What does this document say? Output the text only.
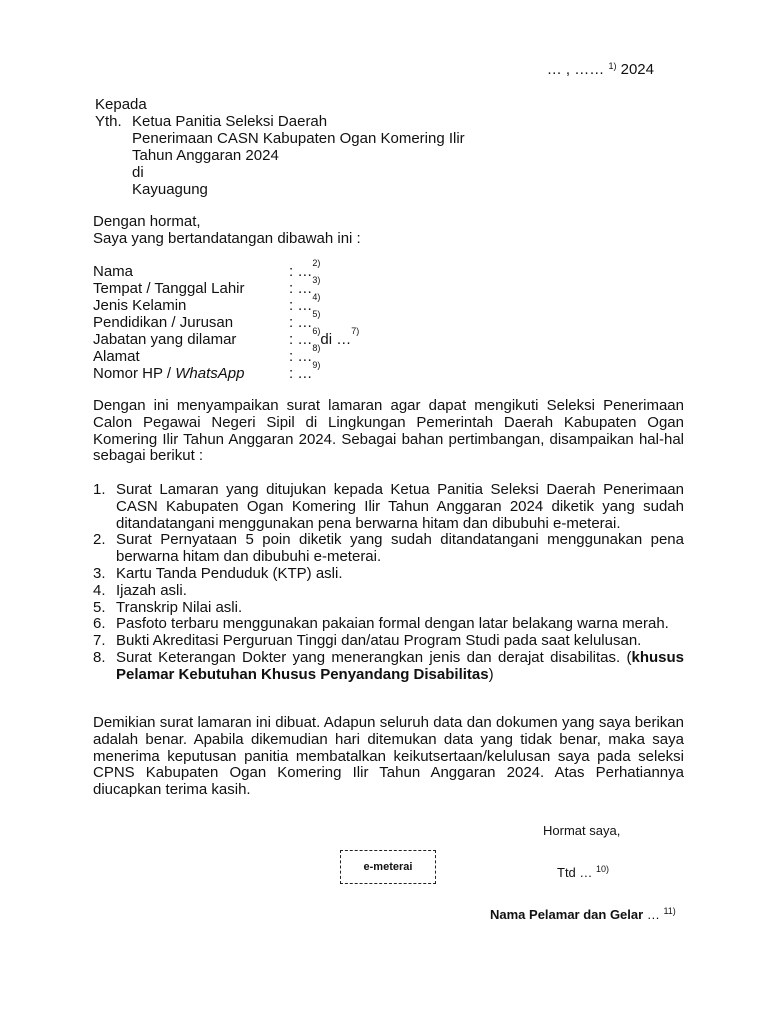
… , …… $^{1)}$ 2024
Kepada
Yth. Ketua Panitia Seleksi Daerah
Penerimaan CASN Kabupaten Ogan Komering Ilir
Tahun Anggaran 2024
di
Kayuagung
Dengan hormat,
Saya yang bertandatangan dibawah ini :
Nama	: … 2)
Tempat / Tanggal Lahir	: … 3)
Jenis Kelamin	: … 4)
Pendidikan / Jurusan	: … 5)
Jabatan yang dilamar	: … 6) di … 7)
Alamat	: … 8)
Nomor HP / WhatsApp	: … 9)
Dengan ini menyampaikan surat lamaran agar dapat mengikuti Seleksi Penerimaan Calon Pegawai Negeri Sipil di Lingkungan Pemerintah Daerah Kabupaten Ogan Komering Ilir Tahun Anggaran 2024. Sebagai bahan pertimbangan, disampaikan hal-hal sebagai berikut :
1. Surat Lamaran yang ditujukan kepada Ketua Panitia Seleksi Daerah Penerimaan CASN Kabupaten Ogan Komering Ilir Tahun Anggaran 2024 diketik yang sudah ditandatangani menggunakan pena berwarna hitam dan dibubuhi e-meterai.
2. Surat Pernyataan 5 poin diketik yang sudah ditandatangani menggunakan pena berwarna hitam dan dibubuhi e-meterai.
3. Kartu Tanda Penduduk (KTP) asli.
4. Ijazah asli.
5. Transkrip Nilai asli.
6. Pasfoto terbaru menggunakan pakaian formal dengan latar belakang warna merah.
7. Bukti Akreditasi Perguruan Tinggi dan/atau Program Studi pada saat kelulusan.
8. Surat Keterangan Dokter yang menerangkan jenis dan derajat disabilitas. (khusus Pelamar Kebutuhan Khusus Penyandang Disabilitas)
Demikian surat lamaran ini dibuat. Adapun seluruh data dan dokumen yang saya berikan adalah benar. Apabila dikemudian hari ditemukan data yang tidak benar, maka saya menerima keputusan panitia membatalkan keikutsertaan/kelulusan saya pada seleksi CPNS Kabupaten Ogan Komering Ilir Tahun Anggaran 2024. Atas Perhatiannya diucapkan terima kasih.
Hormat saya,
e-meterai	Ttd … $^{10)}$
Nama Pelamar dan Gelar … $^{11)}$
